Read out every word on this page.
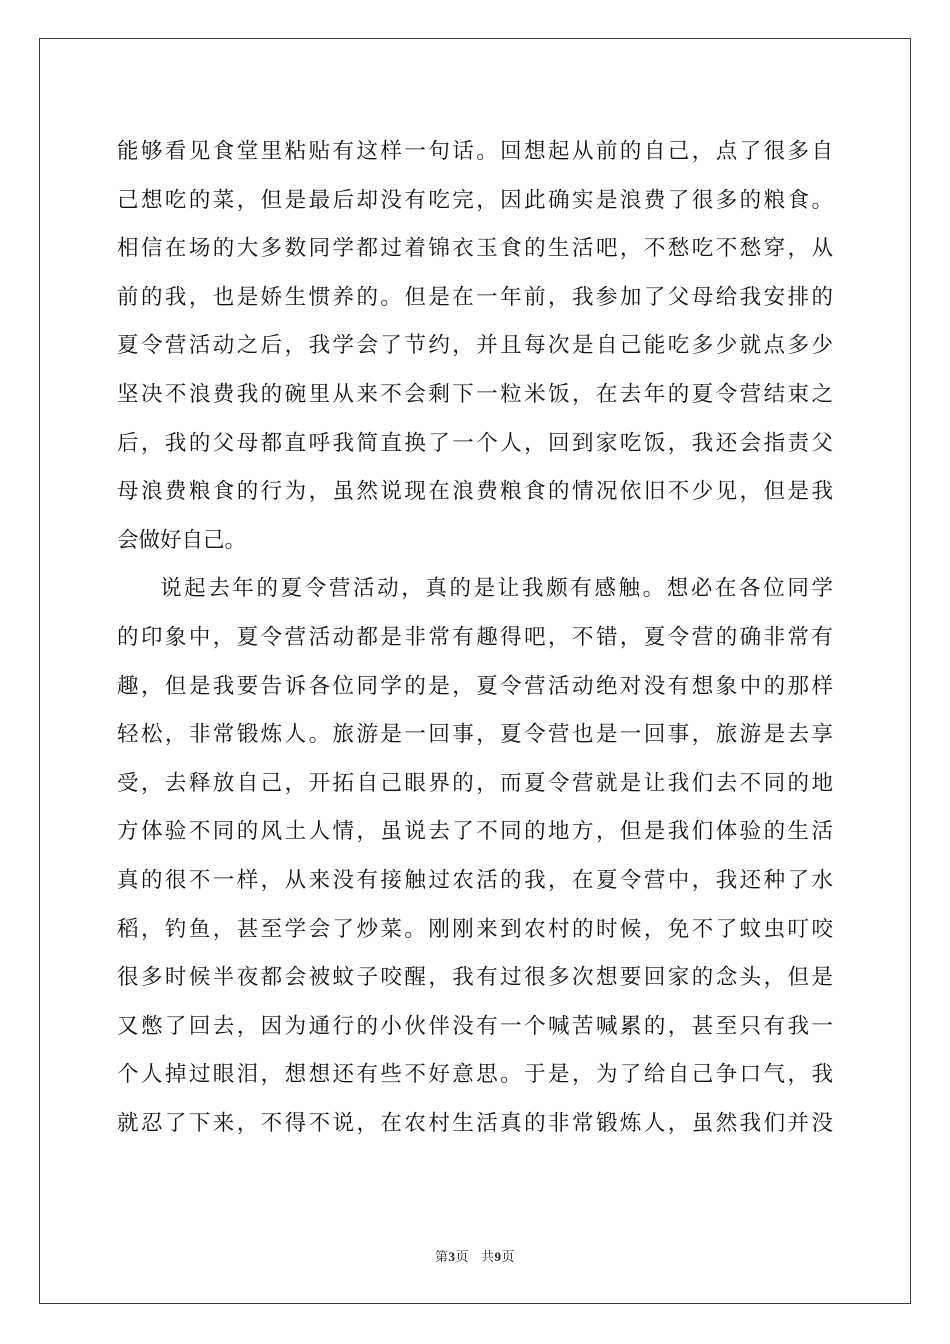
能够看见食堂里粘贴有这样一句话。回想起从前的自己，点了很多自
己想吃的菜，但是最后却没有吃完，因此确实是浪费了很多的粮食。
相信在场的大多数同学都过着锦衣玉食的生活吧，不愁吃不愁穿，从
前的我，也是娇生惯养的。但是在一年前，我参加了父母给我安排的
夏令营活动之后，我学会了节约，并且每次是自己能吃多少就点多少
坚决不浪费我的碗里从来不会剩下一粒米饭，在去年的夏令营结束之
后，我的父母都直呼我简直换了一个人，回到家吃饭，我还会指责父
母浪费粮食的行为，虽然说现在浪费粮食的情况依旧不少见，但是我
会做好自己。
说起去年的夏令营活动，真的是让我颇有感触。想必在各位同学
的印象中，夏令营活动都是非常有趣得吧，不错，夏令营的确非常有
趣，但是我要告诉各位同学的是，夏令营活动绝对没有想象中的那样
轻松，非常锻炼人。旅游是一回事，夏令营也是一回事，旅游是去享
受，去释放自己，开拓自己眼界的，而夏令营就是让我们去不同的地
方体验不同的风土人情，虽说去了不同的地方，但是我们体验的生活
真的很不一样，从来没有接触过农活的我，在夏令营中，我还种了水
稻，钓鱼，甚至学会了炒菜。刚刚来到农村的时候，免不了蚊虫叮咬
很多时候半夜都会被蚊子咬醒，我有过很多次想要回家的念头，但是
又憋了回去，因为通行的小伙伴没有一个喊苦喊累的，甚至只有我一
个人掉过眼泪，想想还有些不好意思。于是，为了给自己争口气，我
就忍了下来，不得不说，在农村生活真的非常锻炼人，虽然我们并没
第3页 共9页
